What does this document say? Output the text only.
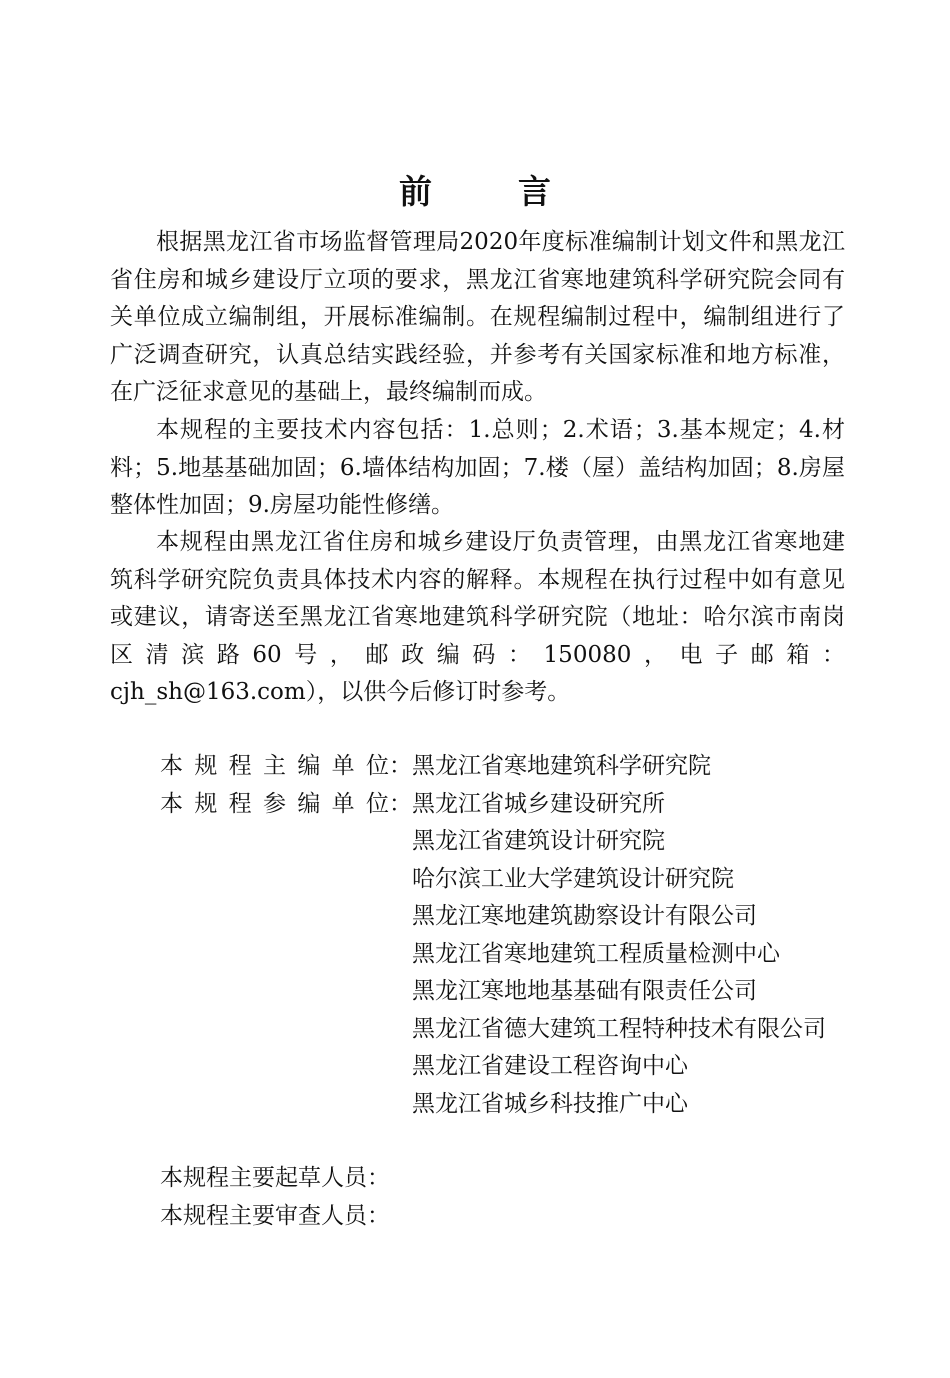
前	言

根据黑龙江省市场监督管理局2020年度标准编制计划文件和黑龙江省住房和城乡建设厅立项的要求，黑龙江省寒地建筑科学研究院会同有关单位成立编制组，开展标准编制。在规程编制过程中，编制组进行了广泛调查研究，认真总结实践经验，并参考有关国家标准和地方标准，在广泛征求意见的基础上，最终编制而成。

本规程的主要技术内容包括：1.总则；2.术语；3.基本规定；4.材料；5.地基基础加固；6.墙体结构加固；7.楼（屋）盖结构加固；8.房屋整体性加固；9.房屋功能性修缮。

本规程由黑龙江省住房和城乡建设厅负责管理，由黑龙江省寒地建筑科学研究院负责具体技术内容的解释。本规程在执行过程中如有意见或建议，请寄送至黑龙江省寒地建筑科学研究院（地址：哈尔滨市南岗区清滨路60号，邮政编码：150080，电子邮箱：cjh_sh@163.com），以供今后修订时参考。

本 规 程 主 编 单 位： 黑龙江省寒地建筑科学研究院
本 规 程 参 编 单 位： 黑龙江省城乡建设研究所
黑龙江省建筑设计研究院
哈尔滨工业大学建筑设计研究院
黑龙江寒地建筑勘察设计有限公司
黑龙江省寒地建筑工程质量检测中心
黑龙江寒地地基基础有限责任公司
黑龙江省德大建筑工程特种技术有限公司
黑龙江省建设工程咨询中心
黑龙江省城乡科技推广中心
本规程主要起草人员：
本规程主要审查人员：
